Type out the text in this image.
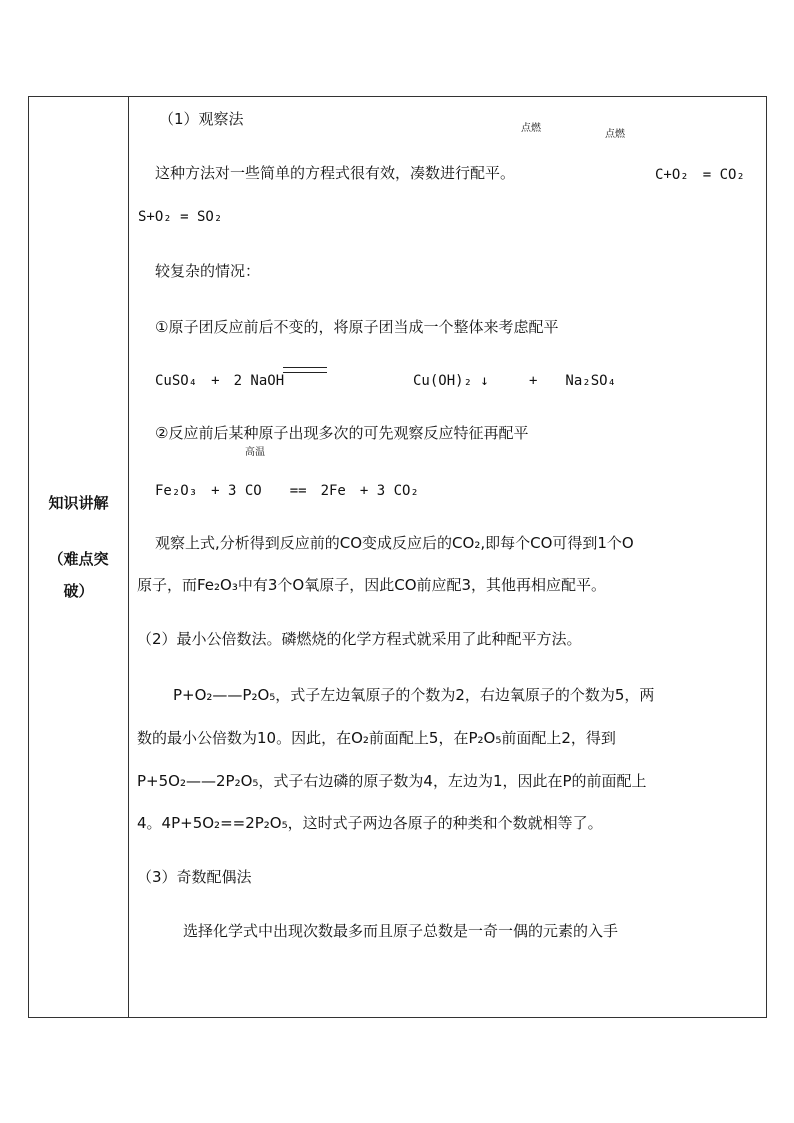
知识讲解
（难点突
破）
（1）观察法
点燃
点燃
这种方法对一些简单的方程式很有效，凑数进行配平。	C+O₂　= CO₂
S+O₂ = SO₂
较复杂的情况：
①原子团反应前后不变的，将原子团当成一个整体来考虑配平
CuSO₄　+　2 NaOH	Cu(OH)₂ ↓	+　　Na₂SO₄
②反应前后某种原子出现多次的可先观察反应特征再配平
高温
Fe₂O₃　+ 3 CO　　==　2Fe　+ 3 CO₂
观察上式,分析得到反应前的CO变成反应后的CO₂,即每个CO可得到1个O
原子，而Fe₂O₃中有3个O氧原子，因此CO前应配3，其他再相应配平。
（2）最小公倍数法。磷燃烧的化学方程式就采用了此种配平方法。
P+O₂——P₂O₅，式子左边氧原子的个数为2，右边氧原子的个数为5，两
数的最小公倍数为10。因此，在O₂前面配上5，在P₂O₅前面配上2，得到
P+5O₂——2P₂O₅，式子右边磷的原子数为4，左边为1，因此在P的前面配上
4。4P+5O₂==2P₂O₅，这时式子两边各原子的种类和个数就相等了。
（3）奇数配偶法
选择化学式中出现次数最多而且原子总数是一奇一偶的元素的入手
